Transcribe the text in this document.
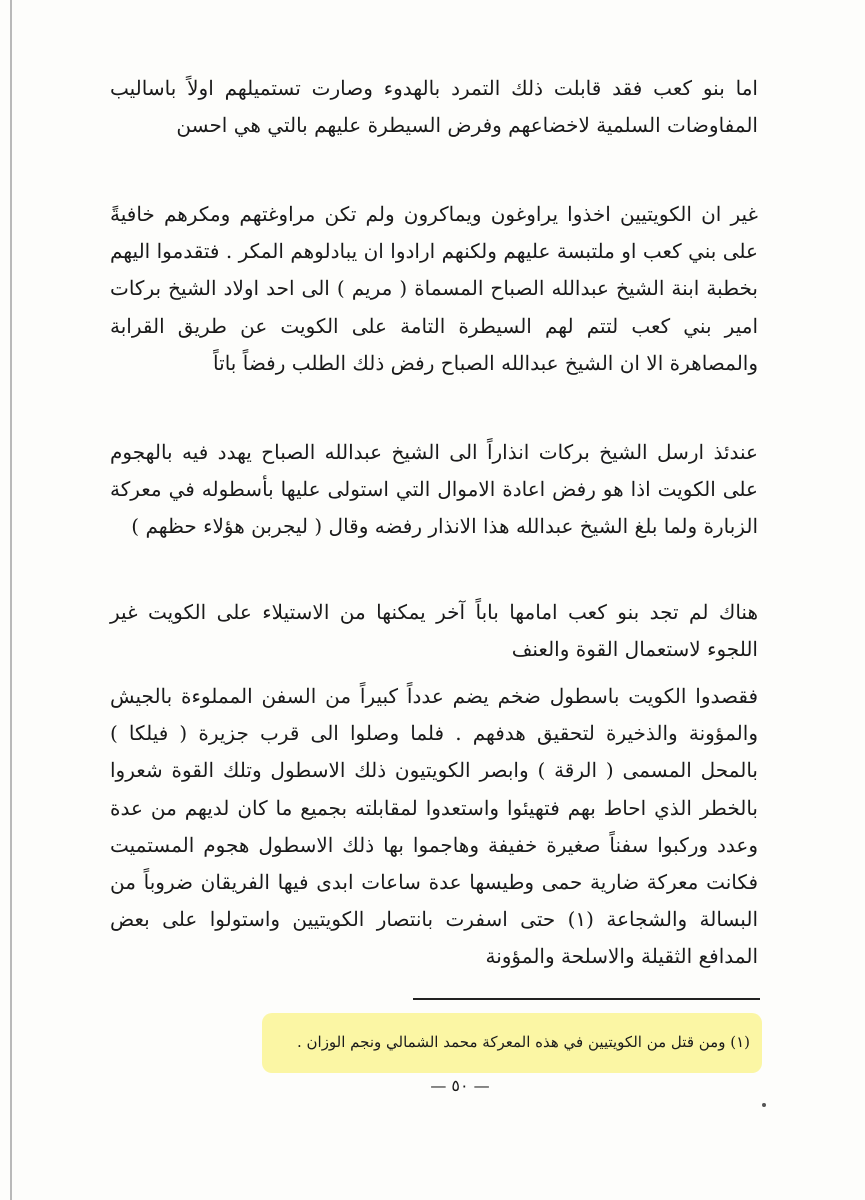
اما بنو كعب فقد قابلت ذلك التمرد بالهدوء وصارت تستميلهم اولاً باساليب المفاوضات السلمية لاخضاعهم وفرض السيطرة عليهم بالتي هي احسن

غير ان الكويتيين اخذوا يراوغون ويماكرون ولم تكن مراوغتهم ومكرهم خافيةً على بني كعب او ملتبسة عليهم ولكنهم ارادوا ان يبادلوهم المكر . فتقدموا اليهم بخطبة ابنة الشيخ عبدالله الصباح المسماة ( مريم ) الى احد اولاد الشيخ بركات امير بني كعب لتتم لهم السيطرة التامة على الكويت عن طريق القرابة والمصاهرة الا ان الشيخ عبدالله الصباح رفض ذلك الطلب رفضاً باتاً

عندئذ ارسل الشيخ بركات انذاراً الى الشيخ عبدالله الصباح يهدد فيه بالهجوم على الكويت اذا هو رفض اعادة الاموال التي استولى عليها بأسطوله في معركة الزبارة ولما بلغ الشيخ عبدالله هذا الانذار رفضه وقال ( ليجربن هؤلاء حظهم )

هناك لم تجد بنو كعب امامها باباً آخر يمكنها من الاستيلاء على الكويت غير اللجوء لاستعمال القوة والعنف

فقصدوا الكويت باسطول ضخم يضم عدداً كبيراً من السفن المملوءة بالجيش والمؤونة والذخيرة لتحقيق هدفهم . فلما وصلوا الى قرب جزيرة ( فيلكا ) بالمحل المسمى ( الرقة ) وابصر الكويتيون ذلك الاسطول وتلك القوة شعروا بالخطر الذي احاط بهم فتهيئوا واستعدوا لمقابلته بجميع ما كان لديهم من عدة وعدد وركبوا سفناً صغيرة خفيفة وهاجموا بها ذلك الاسطول هجوم المستميت فكانت معركة ضارية حمى وطيسها عدة ساعات ابدى فيها الفريقان ضروباً من البسالة والشجاعة (١) حتى اسفرت بانتصار الكويتيين واستولوا على بعض المدافع الثقيلة والاسلحة والمؤونة

(١) ومن قتل من الكويتيين في هذه المعركة محمد الشمالي ونجم الوزان .
— ٥٠ —
